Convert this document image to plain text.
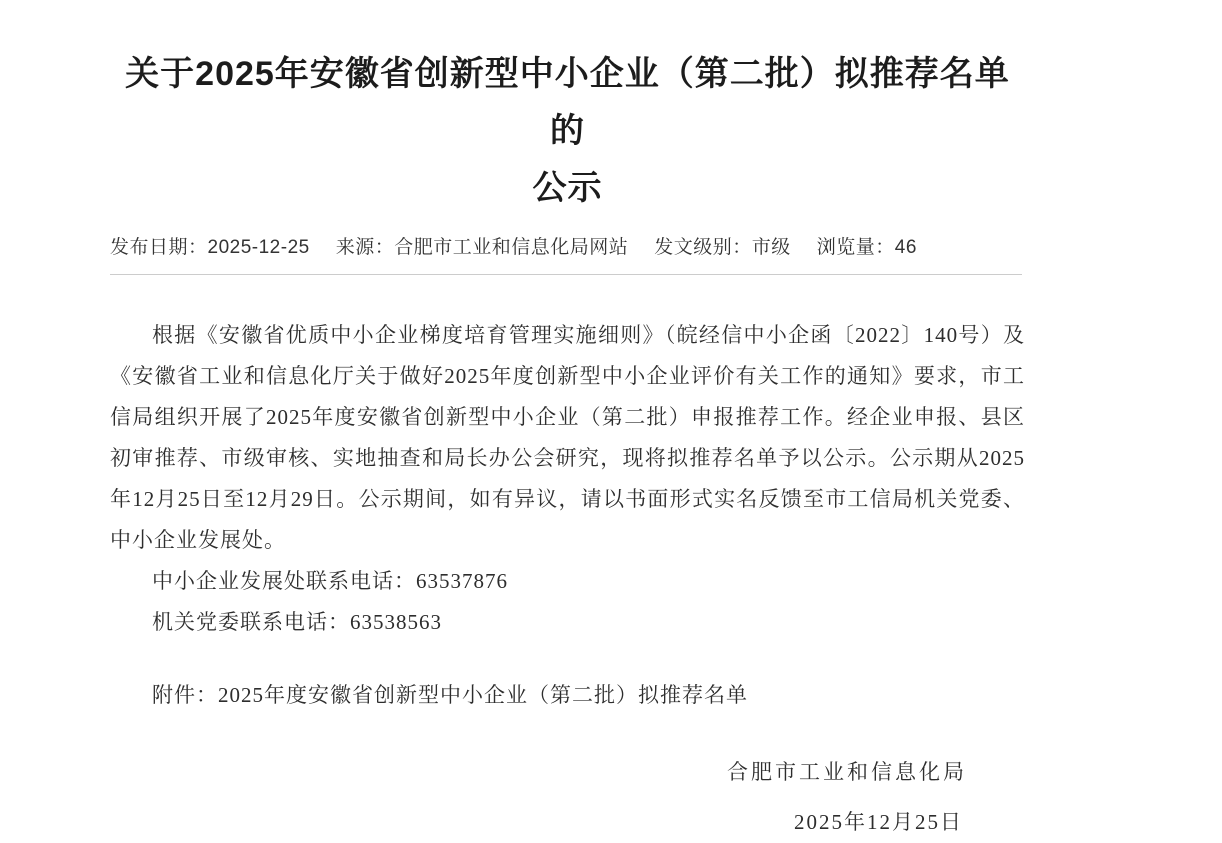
关于2025年安徽省创新型中小企业（第二批）拟推荐名单的
公示
发布日期：2025-12-25 来源：合肥市工业和信息化局网站 发文级别：市级 浏览量：46

根据《安徽省优质中小企业梯度培育管理实施细则》（皖经信中小企函〔2022〕140号）及《安徽省工业和信息化厅关于做好2025年度创新型中小企业评价有关工作的通知》要求，市工信局组织开展了2025年度安徽省创新型中小企业（第二批）申报推荐工作。经企业申报、县区初审推荐、市级审核、实地抽查和局长办公会研究，现将拟推荐名单予以公示。公示期从2025年12月25日至12月29日。公示期间，如有异议，请以书面形式实名反馈至市工信局机关党委、中小企业发展处。

中小企业发展处联系电话：63537876

机关党委联系电话：63538563

附件：2025年度安徽省创新型中小企业（第二批）拟推荐名单

合肥市工业和信息化局

2025年12月25日
